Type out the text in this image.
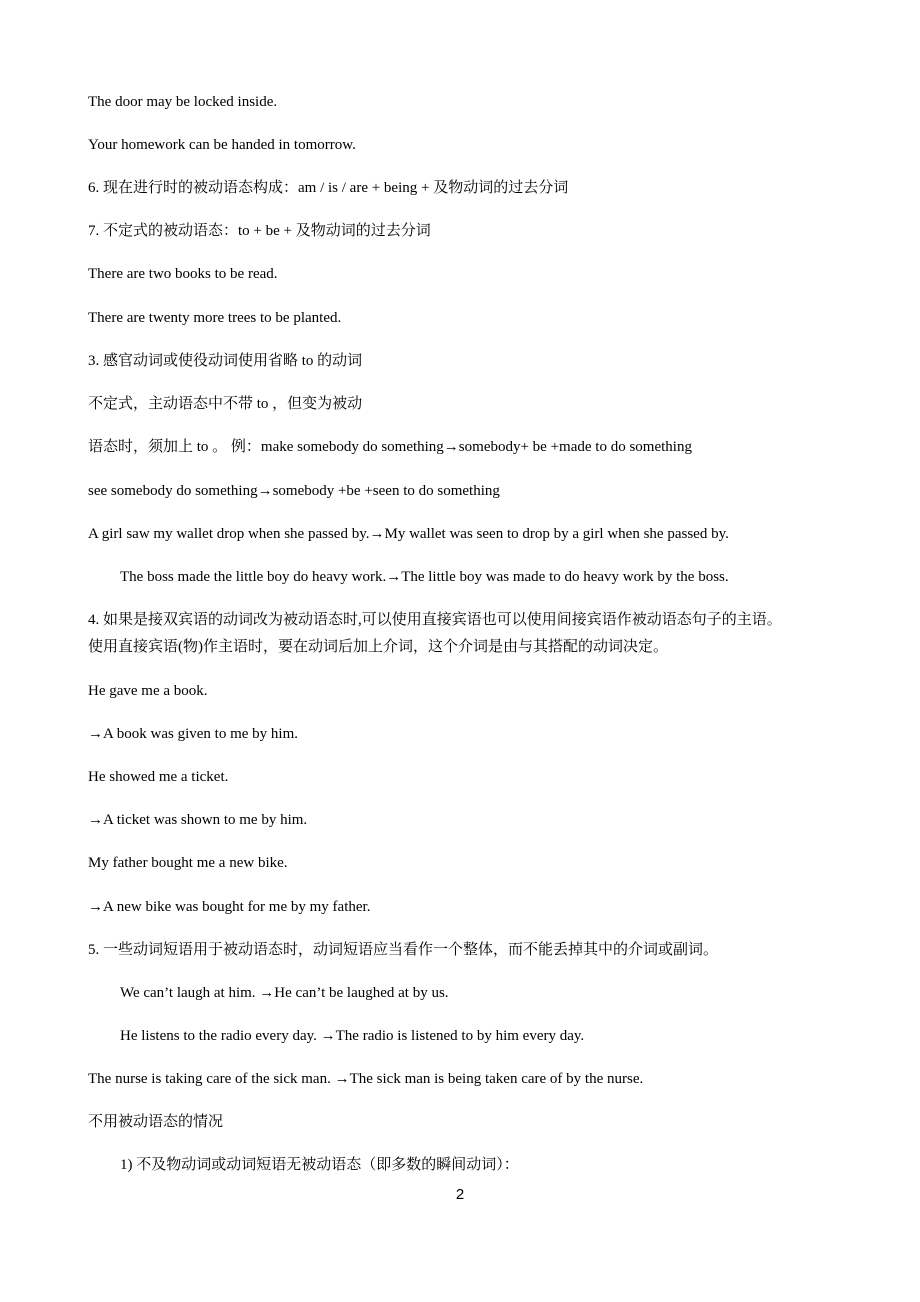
The door may be locked inside.
Your homework can be handed in tomorrow.
6. 现在进行时的被动语态构成：am / is / are + being + 及物动词的过去分词
7. 不定式的被动语态：to + be + 及物动词的过去分词
There are two books to be read.
There are twenty more trees to be planted.
3. 感官动词或使役动词使用省略 to 的动词
不定式，主动语态中不带 to ，但变为被动
语态时，须加上 to 。 例：make somebody do something→somebody+ be +made to do something
see somebody do something→somebody +be +seen to do something
A girl saw my wallet drop when she passed by.→My wallet was seen to drop by a girl when she passed by.
The boss made the little boy do heavy work.→The little boy was made to do heavy work by the boss.
4. 如果是接双宾语的动词改为被动语态时,可以使用直接宾语也可以使用间接宾语作被动语态句子的主语。
使用直接宾语(物)作主语时，要在动词后加上介词，这个介词是由与其搭配的动词决定。
He gave me a book.
→A book was given to me by him.
He showed me a ticket.
→A ticket was shown to me by him.
My father bought me a new bike.
→A new bike was bought for me by my father.
5. 一些动词短语用于被动语态时，动词短语应当看作一个整体，而不能丢掉其中的介词或副词。
We can’t laugh at him. →He can’t be laughed at by us.
He listens to the radio every day. →The radio is listened to by him every day.
The nurse is taking care of the sick man. →The sick man is being taken care of by the nurse.
不用被动语态的情况
1) 不及物动词或动词短语无被动语态（即多数的瞬间动词）：
2
